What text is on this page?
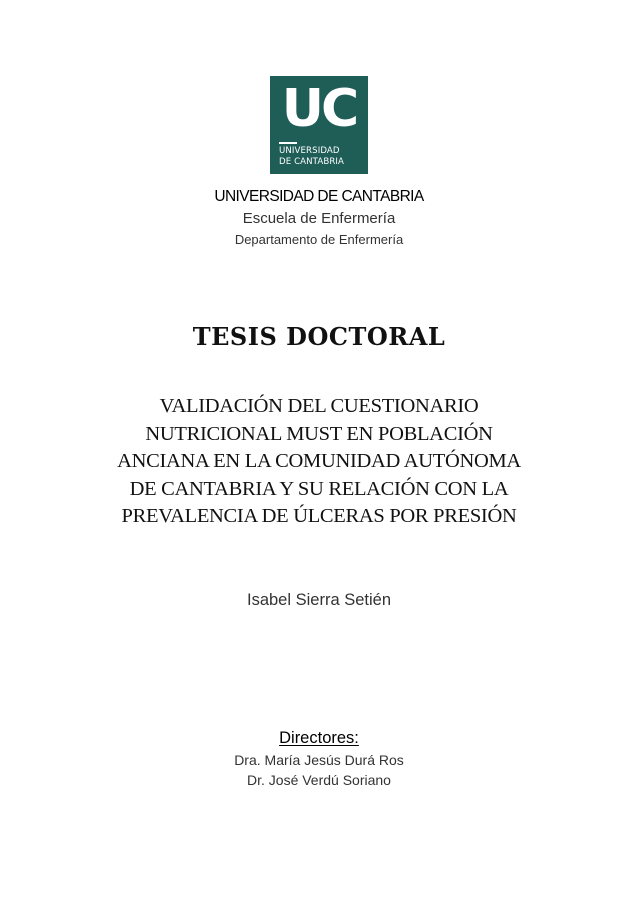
UC
UNIVERSIDAD
DE CANTABRIA
UNIVERSIDAD DE CANTABRIA
Escuela de Enfermería
Departamento de Enfermería
TESIS DOCTORAL
VALIDACIÓN DEL CUESTIONARIO
NUTRICIONAL MUST EN POBLACIÓN
ANCIANA EN LA COMUNIDAD AUTÓNOMA
DE CANTABRIA Y SU RELACIÓN CON LA
PREVALENCIA DE ÚLCERAS POR PRESIÓN
Isabel Sierra Setién
Directores:
Dra. María Jesús Durá Ros
Dr. José Verdú Soriano
